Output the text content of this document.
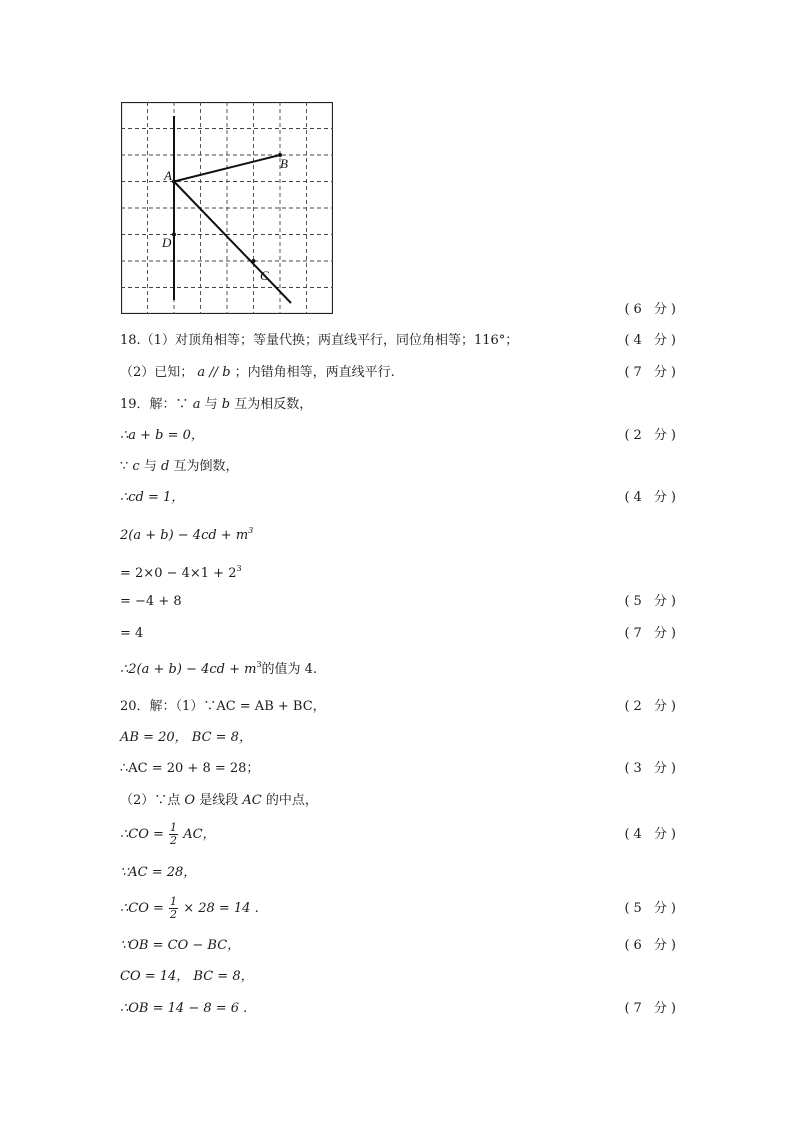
A
B
C
D
(6 分)
18.（1）对顶角相等；等量代换；两直线平行，同位角相等；116°；	(4 分)
（2）已知； a // b ；内错角相等，两直线平行.	(7 分)
19．解：∵ a 与 b 互为相反数，
∴a + b = 0，	(2 分)
∵ c 与 d 互为倒数，
∴cd = 1，	(4 分)
$2(a + b) - 4cd + m^3$
= $2\times 0 - 4\times 1 + 2^3$
= −4 + 8	(5 分)
= 4	(7 分)
∴2(a + $b) - 4cd + m^3$的值为 4.
20．解：（1）∵AC = AB + BC，	(2 分)
AB = 20， BC = 8，
∴AC = 20 + 8 = 28；	(3 分)
（2）∵点 O 是线段 AC 的中点，
∴CO = $\frac{1}{2}$ AC，	(4 分)
∵AC = 28，
∴CO = $\frac{1}{2} \times 28 = 14$ .	(5 分)
∵OB = CO − BC，	(6 分)
CO = 14， BC = 8，
∴OB = 14 − 8 = 6 .	(7 分)
